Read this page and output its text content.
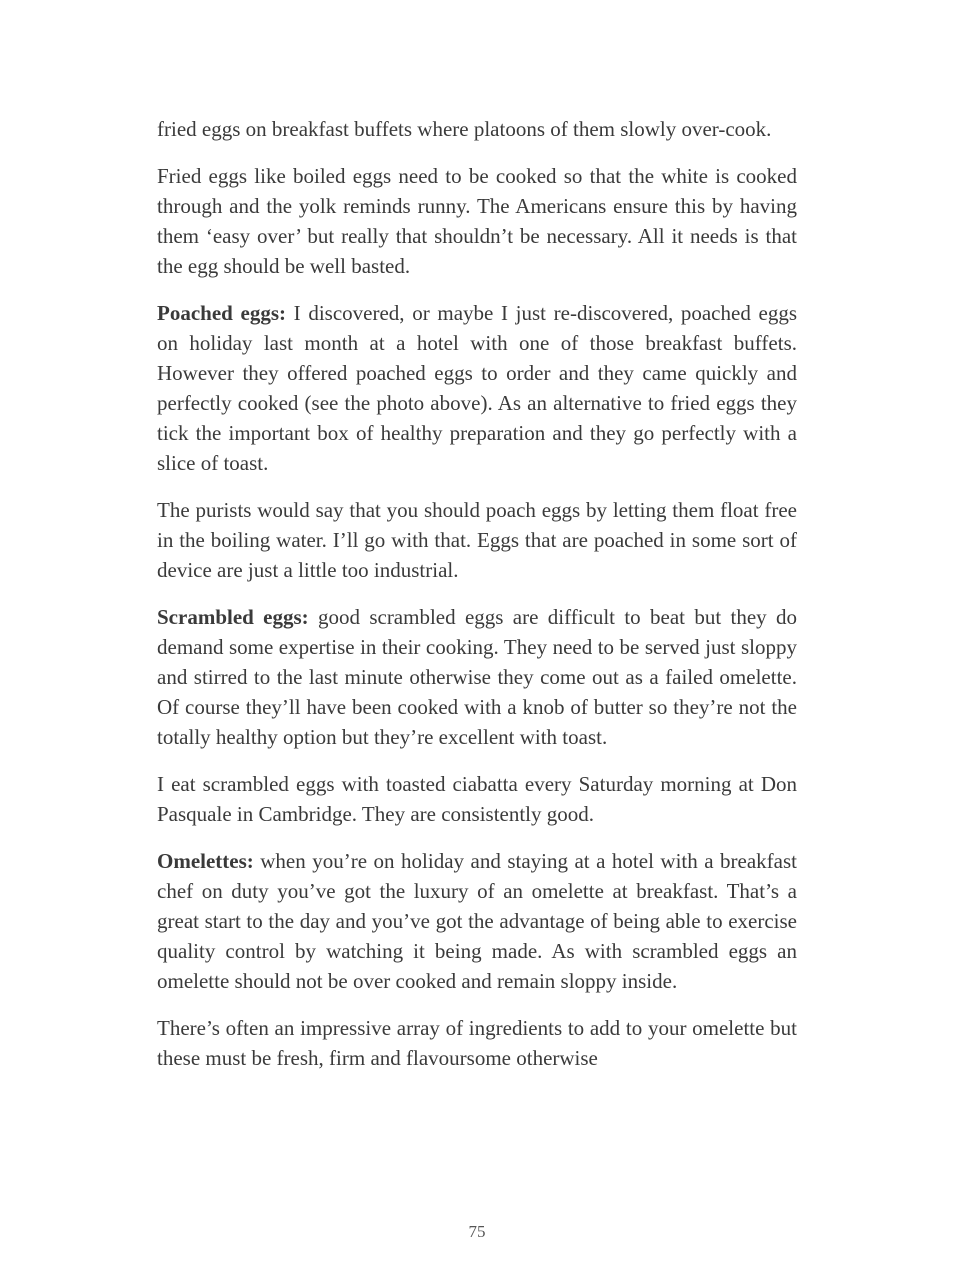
fried eggs on breakfast buffets where platoons of them slowly over-cook.

Fried eggs like boiled eggs need to be cooked so that the white is cooked through and the yolk reminds runny. The Americans ensure this by having them ‘easy over’ but really that shouldn’t be necessary. All it needs is that the egg should be well basted.

Poached eggs: I discovered, or maybe I just re-discovered, poached eggs on holiday last month at a hotel with one of those breakfast buffets. However they offered poached eggs to order and they came quickly and perfectly cooked (see the photo above). As an alternative to fried eggs they tick the important box of healthy preparation and they go perfectly with a slice of toast.

The purists would say that you should poach eggs by letting them float free in the boiling water. I’ll go with that. Eggs that are poached in some sort of device are just a little too industrial.

Scrambled eggs: good scrambled eggs are difficult to beat but they do demand some expertise in their cooking. They need to be served just sloppy and stirred to the last minute otherwise they come out as a failed omelette. Of course they’ll have been cooked with a knob of butter so they’re not the totally healthy option but they’re excellent with toast.

I eat scrambled eggs with toasted ciabatta every Saturday morning at Don Pasquale in Cambridge. They are consistently good.

Omelettes: when you’re on holiday and staying at a hotel with a breakfast chef on duty you’ve got the luxury of an omelette at breakfast. That’s a great start to the day and you’ve got the advantage of being able to exercise quality control by watching it being made. As with scrambled eggs an omelette should not be over cooked and remain sloppy inside.

There’s often an impressive array of ingredients to add to your omelette but these must be fresh, firm and flavoursome otherwise

75
